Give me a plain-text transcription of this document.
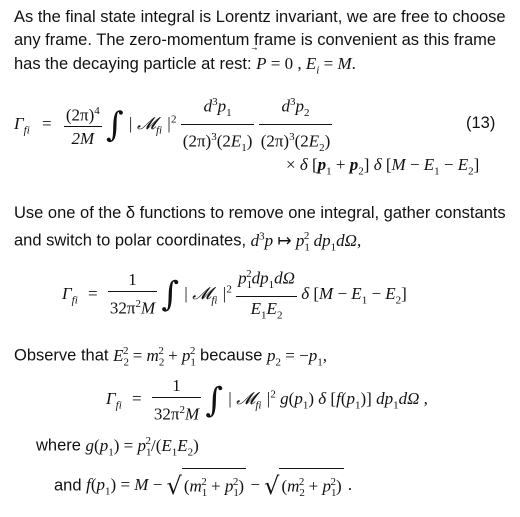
As the final state integral is Lorentz invariant, we are free to choose any frame. The zero-momentum frame is convenient as this frame has the decaying particle at rest: P
= 0 , $E_i = M$.

$\Gamma_{fi} = \frac{(2\pi)^4}{2M}$ ∫ | 𝓜$_{fi}$ $|^2 \frac{d^3p_1}{(2\pi)^3(2E_1)}$
$\frac{d^3p_2}{(2\pi)^3(2E_2)}$	(13)
× δ $[p_1 + p_2]$ δ $[M - E_1 - E_2]$

Use one of the δ functions to remove one integral, gather constants and switch to polar coordinates, $d^3p$ ↦ $p_1^2$ $dp_1d\Omega$,

$\Gamma_{fi} = \frac{1}{32\pi^2M}$ ∫ | 𝓜$_{fi}$ $|^2 \frac{p_1^2dp_1d\Omega}{E_1E_2}$ δ $[M - E_1 - E_2]$

Observe that $E_2^2 = m_2^2 + p_1^2$ because $p_2 = -p_1$,

$\Gamma_{fi} = \frac{1}{32\pi^2M}$ ∫ | 𝓜$_{fi}$ $|^2$ $g(p_1)$ δ $[f(p_1)]$ $dp_1d\Omega$ ,
where $g(p_1) = p_1^2/(E_1E_2)$
and $f(p_1) = M$ − √ $(m_1^2 + p_1^2)$ − √ $(m_2^2 + p_1^2)$ .
